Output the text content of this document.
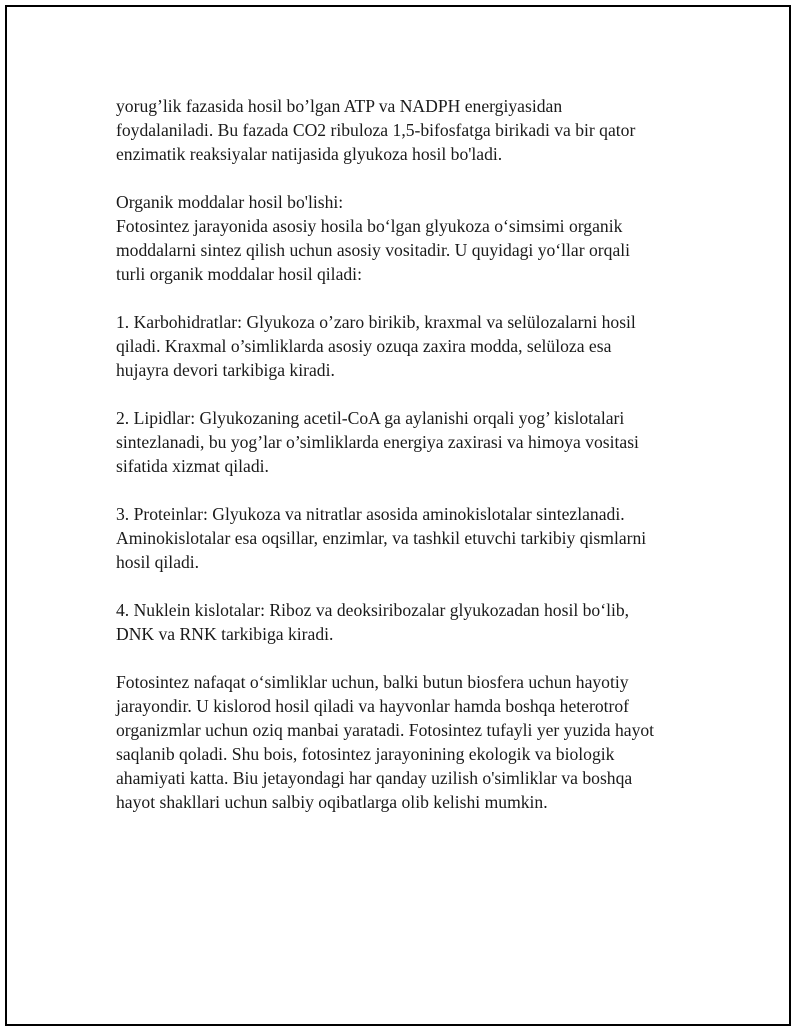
yorug’lik fazasida hosil bo’lgan ATP va NADPH energiyasidan
foydalaniladi. Bu fazada CO2 ribuloza 1,5-bifosfatga birikadi va bir qator
enzimatik reaksiyalar natijasida glyukoza hosil bo'ladi.

Organik moddalar hosil bo'lishi:
Fotosintez jarayonida asosiy hosila bo‘lgan glyukoza o‘simsimi organik
moddalarni sintez qilish uchun asosiy vositadir. U quyidagi yo‘llar orqali
turli organik moddalar hosil qiladi:

1. Karbohidratlar: Glyukoza o’zaro birikib, kraxmal va selülozalarni hosil
qiladi. Kraxmal o’simliklarda asosiy ozuqa zaxira modda, selüloza esa
hujayra devori tarkibiga kiradi.

2. Lipidlar: Glyukozaning acetil-CoA ga aylanishi orqali yog’ kislotalari
sintezlanadi, bu yog’lar o’simliklarda energiya zaxirasi va himoya vositasi
sifatida xizmat qiladi.

3. Proteinlar: Glyukoza va nitratlar asosida aminokislotalar sintezlanadi.
Aminokislotalar esa oqsillar, enzimlar, va tashkil etuvchi tarkibiy qismlarni
hosil qiladi.

4. Nuklein kislotalar: Riboz va deoksiribozalar glyukozadan hosil bo‘lib,
DNK va RNK tarkibiga kiradi.

Fotosintez nafaqat o‘simliklar uchun, balki butun biosfera uchun hayotiy
jarayondir. U kislorod hosil qiladi va hayvonlar hamda boshqa heterotrof
organizmlar uchun oziq manbai yaratadi. Fotosintez tufayli yer yuzida hayot
saqlanib qoladi. Shu bois, fotosintez jarayonining ekologik va biologik
ahamiyati katta. Biu jetayondagi har qanday uzilish o'simliklar va boshqa
hayot shakllari uchun salbiy oqibatlarga olib kelishi mumkin.
